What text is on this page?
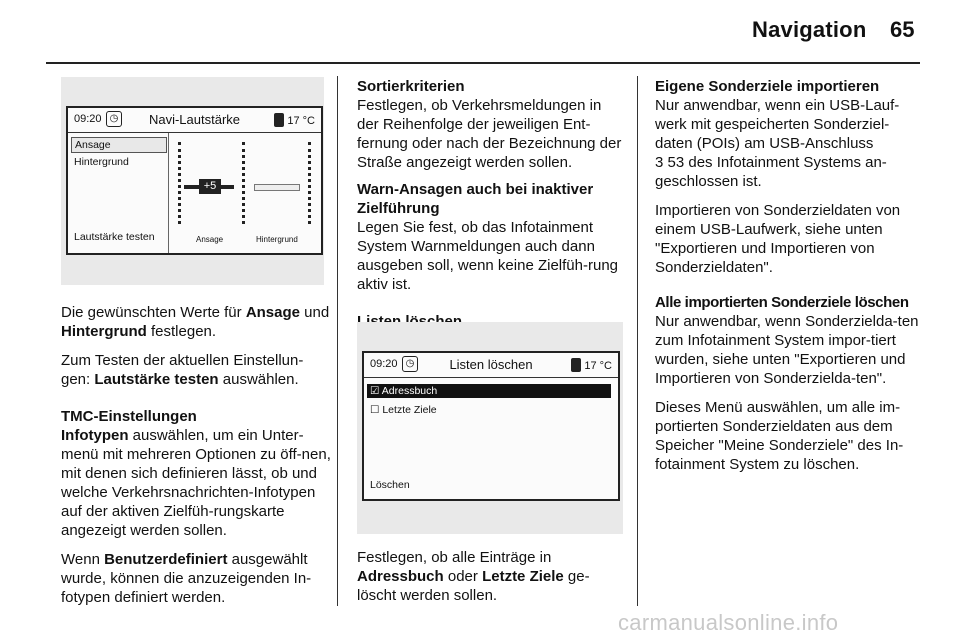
Navigation 65
09:20 ◷	Navi-Lautstärke	17 °C
Ansage
Hintergrund
Lautstärke testen
+5
Ansage	Hintergrund

Die gewünschten Werte für Ansage und Hintergrund festlegen.

Zum Testen der aktuellen Einstellun-gen: Lautstärke testen auswählen.

TMC-Einstellungen

Infotypen auswählen, um ein Unter-menü mit mehreren Optionen zu öff-nen, mit denen sich definieren lässt, ob und welche Verkehrsnachrichten-Infotypen auf der aktiven Zielfüh-rungskarte angezeigt werden sollen.

Wenn Benutzerdefiniert ausgewählt wurde, können die anzuzeigenden In-fotypen definiert werden.

Sortierkriterien

Festlegen, ob Verkehrsmeldungen in der Reihenfolge der jeweiligen Ent-fernung oder nach der Bezeichnung der Straße angezeigt werden sollen.

Warn-Ansagen auch bei inaktiver Zielführung

Legen Sie fest, ob das Infotainment System Warnmeldungen auch dann ausgeben soll, wenn keine Zielfüh-rung aktiv ist.

09:20 ◷	Listen löschen	17 °C
☑ Adressbuch
☐ Letzte Ziele
Löschen

Festlegen, ob alle Einträge in Adressbuch oder Letzte Ziele ge-löscht werden sollen.

Eigene Sonderziele importieren

Nur anwendbar, wenn ein USB-Lauf-werk mit gespeicherten Sonderziel-daten (POIs) am USB-Anschluss

3 53 des Infotainment Systems an-geschlossen ist.

Importieren von Sonderzieldaten von einem USB-Laufwerk, siehe unten "Exportieren und Importieren von Sonderzieldaten".

Alle importierten Sonderziele löschen

Nur anwendbar, wenn Sonderzielda-ten zum Infotainment System impor-tiert wurden, siehe unten "Exportieren und Importieren von Sonderzielda-ten".

Dieses Menü auswählen, um alle im-portierten Sonderzieldaten aus dem Speicher "Meine Sonderziele" des In-fotainment System zu löschen.

carmanualsonline.info
